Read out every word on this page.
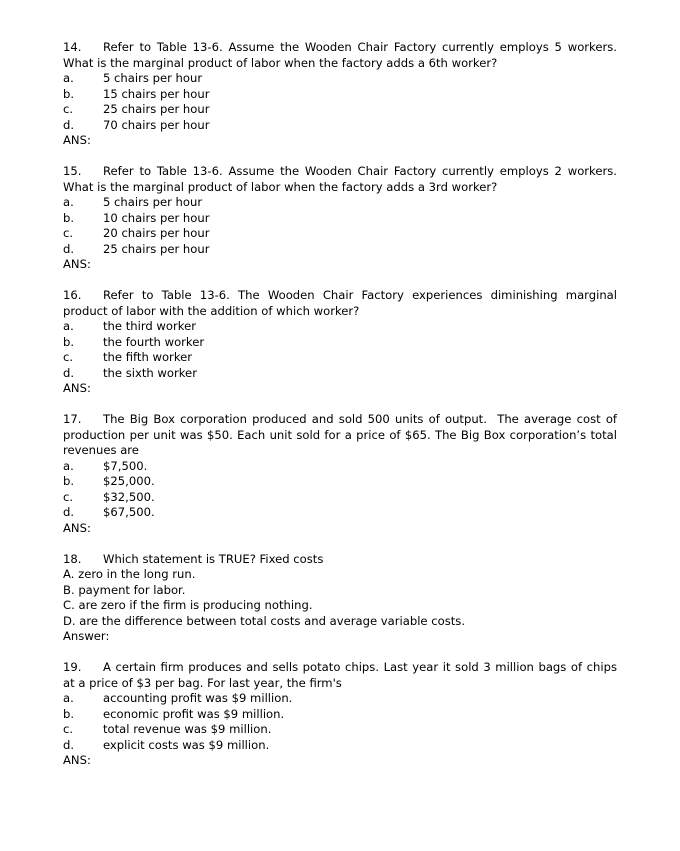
14. Refer to Table 13-6. Assume the Wooden Chair Factory currently employs 5 workers. What is the marginal product of labor when the factory adds a 6th worker?

a.	5 chairs per hour

b. 15 chairs per hour

c.	25 chairs per hour

d. 70 chairs per hour

ANS:

15. Refer to Table 13-6. Assume the Wooden Chair Factory currently employs 2 workers. What is the marginal product of labor when the factory adds a 3rd worker?

a.	5 chairs per hour

b. 10 chairs per hour

c.	20 chairs per hour

d. 25 chairs per hour

ANS:

16. Refer to Table 13-6. The Wooden Chair Factory experiences diminishing marginal product of labor with the addition of which worker?

a.	the third worker

b. the fourth worker

c.	the fifth worker

d. the sixth worker

ANS:

17. The Big Box corporation produced and sold 500 units of output.  The average cost of production per unit was $50. Each unit sold for a price of $65. The Big Box corporation’s total revenues are

a.	$7,500.

b. $25,000.

c.	$32,500.

d. $67,500.

ANS:

18. Which statement is TRUE? Fixed costs

A. zero in the long run.

B. payment for labor.

C. are zero if the firm is producing nothing.

D. are the difference between total costs and average variable costs.

Answer:

19. A certain firm produces and sells potato chips. Last year it sold 3 million bags of chips at a price of $3 per bag. For last year, the firm's

a.	accounting profit was $9 million.

b. economic profit was $9 million.

c.	total revenue was $9 million.

d. explicit costs was $9 million.

ANS:
